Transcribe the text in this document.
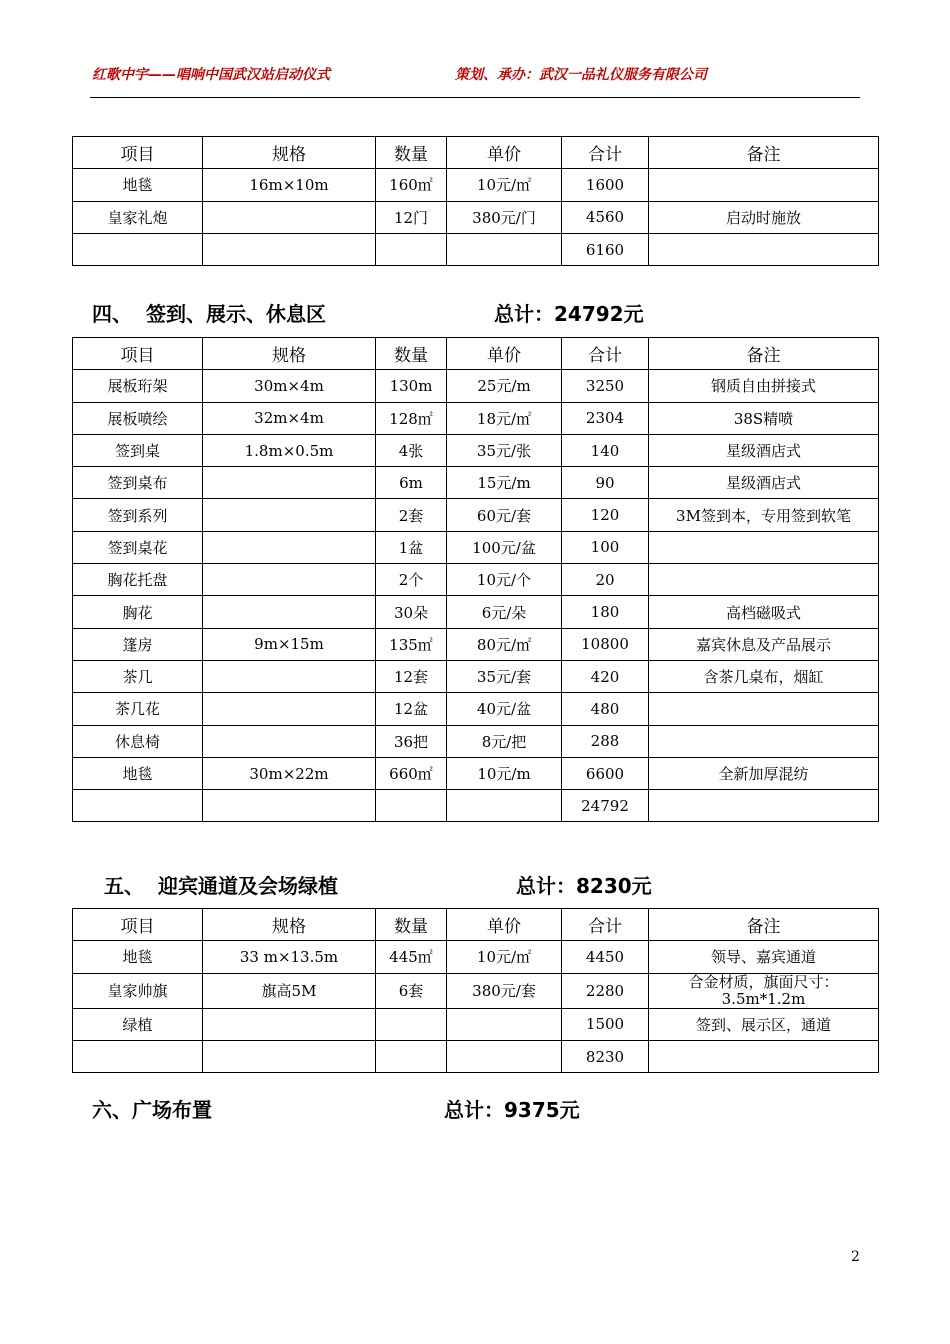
红歌中宇——唱响中国武汉站启动仪式	策划、承办：武汉一品礼仪服务有限公司
项目	规格	数量	单价	合计	备注
地毯	16m×10m	160㎡	10元/㎡	1600	
皇家礼炮		12门	380元/门	4560	启动时施放
				6160	
四、 签到、展示、休息区	总计：24792元
项目	规格	数量	单价	合计	备注
展板珩架	30m×4m	130m	25元/m	3250	钢质自由拼接式
展板喷绘	32m×4m	128㎡	18元/㎡	2304	38S精喷
签到桌	1.8m×0.5m	4张	35元/张	140	星级酒店式
签到桌布		6m	15元/m	90	星级酒店式
签到系列		2套	60元/套	120	3M签到本，专用签到软笔
签到桌花		1盆	100元/盆	100	
胸花托盘		2个	10元/个	20	
胸花		30朵	6元/朵	180	高档磁吸式
篷房	9m×15m	135㎡	80元/㎡	10800	嘉宾休息及产品展示
茶几		12套	35元/套	420	含茶几桌布，烟缸
茶几花		12盆	40元/盆	480	
休息椅		36把	8元/把	288	
地毯	30m×22m	660㎡	10元/m	6600	全新加厚混纺
				24792	
五、 迎宾通道及会场绿植	总计：8230元
项目	规格	数量	单价	合计	备注
地毯	33 m×13.5m	445㎡	10元/㎡	4450	领导、嘉宾通道
皇家帅旗	旗高5M	6套	380元/套	2280	合金材质，旗面尺寸：3.5m*1.2m
绿植				1500	签到、展示区，通道
				8230	
六、广场布置	总计：9375元
2
